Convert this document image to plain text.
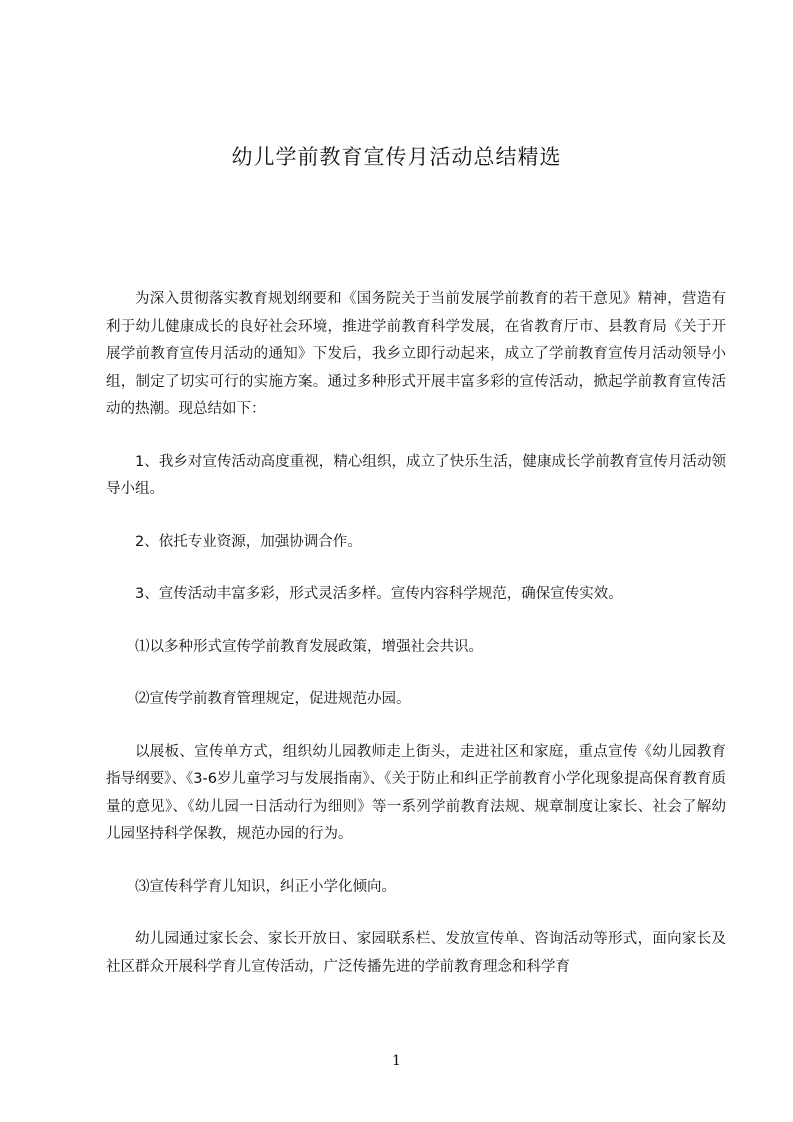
幼儿学前教育宣传月活动总结精选

为深入贯彻落实教育规划纲要和《国务院关于当前发展学前教育的若干意见》精神，营造有利于幼儿健康成长的良好社会环境，推进学前教育科学发展，在省教育厅市、县教育局《关于开展学前教育宣传月活动的通知》下发后，我乡立即行动起来，成立了学前教育宣传月活动领导小组，制定了切实可行的实施方案。通过多种形式开展丰富多彩的宣传活动，掀起学前教育宣传活动的热潮。现总结如下：

1、我乡对宣传活动高度重视，精心组织，成立了快乐生活，健康成长学前教育宣传月活动领导小组。

2、依托专业资源，加强协调合作。

3、宣传活动丰富多彩，形式灵活多样。宣传内容科学规范，确保宣传实效。

⑴以多种形式宣传学前教育发展政策，增强社会共识。

⑵宣传学前教育管理规定，促进规范办园。

以展板、宣传单方式，组织幼儿园教师走上街头，走进社区和家庭，重点宣传《幼儿园教育指导纲要》、《3-6岁儿童学习与发展指南》、《关于防止和纠正学前教育小学化现象提高保育教育质量的意见》、《幼儿园一日活动行为细则》等一系列学前教育法规、规章制度让家长、社会了解幼儿园坚持科学保教，规范办园的行为。

⑶宣传科学育儿知识，纠正小学化倾向。

幼儿园通过家长会、家长开放日、家园联系栏、发放宣传单、咨询活动等形式，面向家长及社区群众开展科学育儿宣传活动，广泛传播先进的学前教育理念和科学育

1
